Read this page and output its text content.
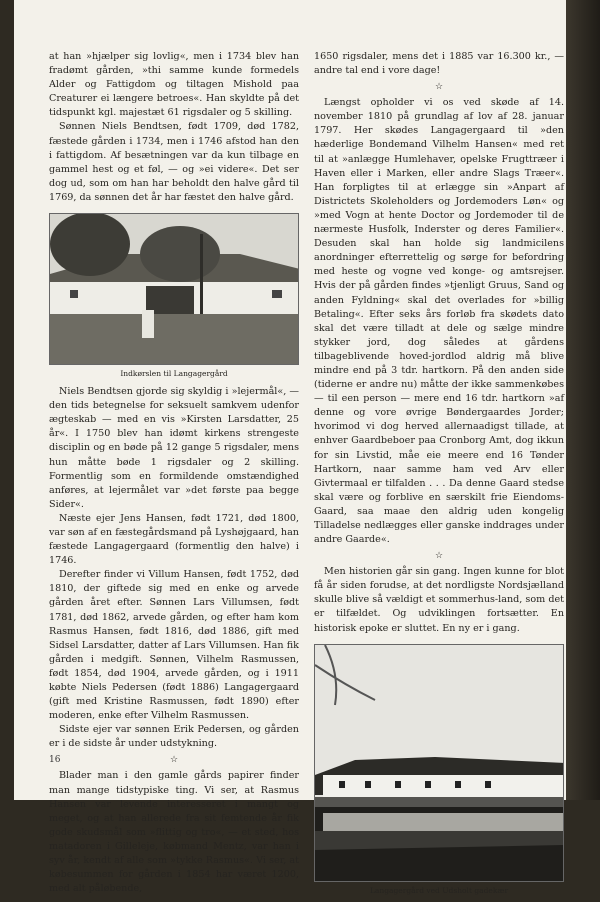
at han »hjælper sig lovlig«, men i 1734 blev han fradømt gården, »thi samme kunde formedels Alder og Fattigdom og tiltagen Mishold paa Creaturer ei længere betroes«. Han skyldte på det tidspunkt kgl. majestæt 61 rigsdaler og 5 skilling.

Sønnen Niels Bendtsen, født 1709, død 1782, fæstede gården i 1734, men i 1746 afstod han den i fattigdom. Af besætningen var da kun tilbage en gammel hest og et føl, — og »ei videre«. Det ser dog ud, som om han har beholdt den halve gård til 1769, da sønnen det år har fæstet den halve gård.

Indkørslen til Langagergård

Niels Bendtsen gjorde sig skyldig i »lejermål«, — den tids betegnelse for seksuelt samkvem udenfor ægteskab — med en vis »Kirsten Larsdatter, 25 år«. I 1750 blev han idømt kirkens strengeste disciplin og en bøde på 12 gange 5 rigsdaler, mens hun måtte bøde 1 rigsdaler og 2 skilling. Formentlig som en formildende omstændighed anføres, at lejermålet var »det første paa begge Sider«.

Næste ejer Jens Hansen, født 1721, død 1800, var søn af en fæstegårdsmand på Lyshøjgaard, han fæstede Langagergaard (formentlig den halve) i 1746.

Derefter finder vi Villum Hansen, født 1752, død 1810, der giftede sig med en enke og arvede gården året efter. Sønnen Lars Villumsen, født 1781, død 1862, arvede gården, og efter ham kom Rasmus Hansen, født 1816, død 1886, gift med Sidsel Larsdatter, datter af Lars Villumsen. Han fik gården i medgift. Sønnen, Vilhelm Rasmussen, født 1854, død 1904, arvede gården, og i 1911 købte Niels Pedersen (født 1886) Langagergaard (gift med Kristine Rasmussen, født 1890) efter moderen, enke efter Vilhelm Rasmussen.

Sidste ejer var sønnen Erik Pedersen, og gården er i de sidste år under udstykning.

☆

Blader man i den gamle gårds papirer finder man mange tidstypiske ting. Vi ser, at Rasmus Hansen var levende interesseret i mangt og meget, og at han allerede fra sit femtende år fik gode skudsmål som »flittig og tro«, — et sted, hos matadoren i Gilleleje, købmand Mentz, var han i syv år, kendt af alle som »tykke Rasmus«. Vi ser, at købesummen for gården i 1854 har været 1200, med alt påløbende,

1650 rigsdaler, mens det i 1885 var 16.300 kr., — andre tal end i vore dage!

☆

Længst opholder vi os ved skøde af 14. november 1810 på grundlag af lov af 28. januar 1797. Her skødes Langagergaard til »den hæderlige Bondemand Vilhelm Hansen« med ret til at »anlægge Humlehaver, opelske Frugttræer i Haven eller i Marken, eller andre Slags Træer«. Han forpligtes til at erlægge sin »Anpart af Districtets Skoleholders og Jordemoders Løn« og »med Vogn at hente Doctor og Jordemoder til de nærmeste Husfolk, Inderster og deres Familier«. Desuden skal han holde sig landmicilens anordninger efterrettelig og sørge for befordring med heste og vogne ved konge- og amtsrejser. Hvis der på gården findes »tjenligt Gruus, Sand og anden Fyldning« skal det overlades for »billig Betaling«. Efter seks års forløb fra skødets dato skal det være tilladt at dele og sælge mindre stykker jord, dog således at gårdens tilbageblivende hoved-jordlod aldrig må blive mindre end på 3 tdr. hartkorn. På den anden side (tiderne er andre nu) måtte der ikke sammenkøbes — til een person — mere end 16 tdr. hartkorn »af denne og vore øvrige Bøndergaardes Jorder; hvorimod vi dog herved allernaadigst tillade, at enhver Gaardbeboer paa Cronborg Amt, dog ikkun for sin Livstid, måe eie meere end 16 Tønder Hartkorn, naar samme ham ved Arv eller Givtermaal er tilfalden . . . Da denne Gaard stedse skal være og forblive en særskilt frie Eiendoms-Gaard, saa maae den aldrig uden kongelig Tilladelse nedlægges eller ganske inddrages under andre Gaarde«.

☆

Men historien går sin gang. Ingen kunne for blot få år siden forudse, at det nordligste Nordsjælland skulle blive så vældigt et sommerhus-land, som det er tilfældet. Og udviklingen fortsætter. En historisk epoke er sluttet. En ny er i gang.

Langagergård ved Udsholt gadekær
16
